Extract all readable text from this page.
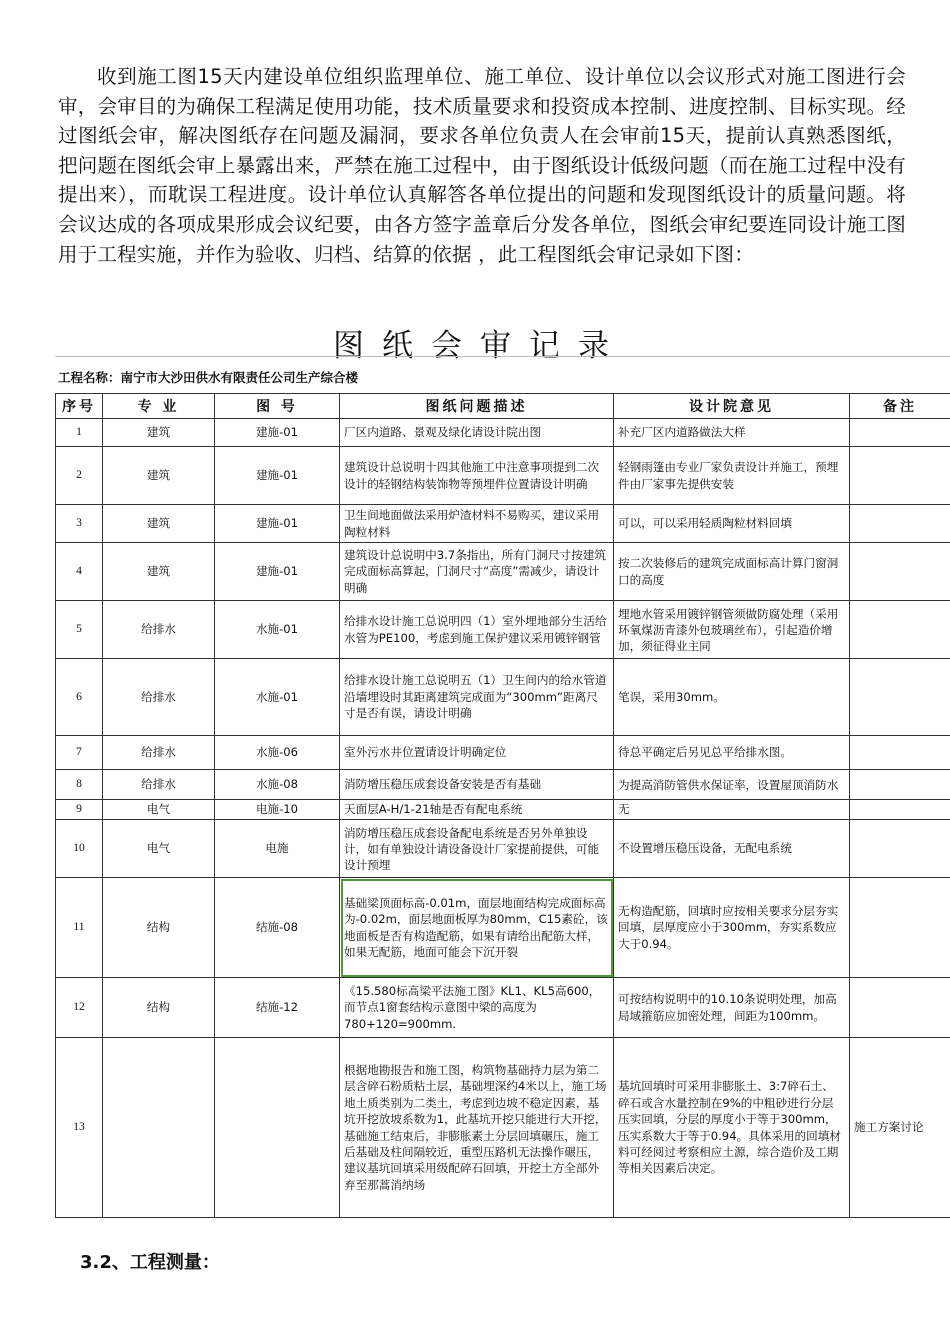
收到施工图15天内建设单位组织监理单位、施工单位、设计单位以会议形式对施工图进行会审，会审目的为确保工程满足使用功能，技术质量要求和投资成本控制、进度控制、目标实现。经过图纸会审，解决图纸存在问题及漏洞，要求各单位负责人在会审前15天，提前认真熟悉图纸，把问题在图纸会审上暴露出来，严禁在施工过程中，由于图纸设计低级问题（而在施工过程中没有提出来），而耽误工程进度。设计单位认真解答各单位提出的问题和发现图纸设计的质量问题。将会议达成的各项成果形成会议纪要，由各方签字盖章后分发各单位，图纸会审纪要连同设计施工图用于工程实施，并作为验收、归档、结算的依据 ，此工程图纸会审记录如下图：

图纸会审记录
工程名称：南宁市大沙田供水有限责任公司生产综合楼
序号	专 业	图 号	图纸问题描述	设计院意见	备注

1	建筑	建施-01	厂区内道路、景观及绿化请设计院出图	补充厂区内道路做法大样	

2	建筑	建施-01	建筑设计总说明十四其他施工中注意事项提到二次设计的轻钢结构装饰物等预埋件位置请设计明确	轻钢雨篷由专业厂家负责设计并施工，预埋件由厂家事先提供安装	

3	建筑	建施-01	卫生间地面做法采用炉渣材料不易购买，建议采用陶粒材料	可以，可以采用轻质陶粒材料回填	

4	建筑	建施-01	建筑设计总说明中3.7条指出，所有门洞尺寸按建筑完成面标高算起，门洞尺寸“高度”需减少，请设计明确	按二次装修后的建筑完成面标高计算门窗洞口的高度	

5	给排水	水施-01	给排水设计施工总说明四（1）室外埋地部分生活给水管为PE100，考虑到施工保护建议采用镀锌钢管	埋地水管采用镀锌钢管须做防腐处理（采用环氧煤沥青漆外包玻璃丝布），引起造价增加，须征得业主同	

6	给排水	水施-01	给排水设计施工总说明五（1）卫生间内的给水管道沿墙埋设时其距离建筑完成面为“300mm”距离尺寸是否有误，请设计明确	笔误，采用30mm。	

7	给排水	水施-06	室外污水井位置请设计明确定位	待总平确定后另见总平给排水图。	

8	给排水	水施-08	消防增压稳压成套设备安装是否有基础	为提高消防管供水保证率，设置屋顶消防水	

9	电气	电施-10	天面层A-H/1-21轴是否有配电系统	无	

10	电气	电施	消防增压稳压成套设备配电系统是否另外单独设计，如有单独设计请设备设计厂家提前提供，可能设计预埋	不设置增压稳压设备，无配电系统	

11	结构	结施-08	基础梁顶面标高-0.01m，面层地面结构完成面标高为-0.02m，面层地面板厚为80mm，C15素砼，该地面板是否有构造配筋，如果有请给出配筋大样，如果无配筋，地面可能会下沉开裂	无构造配筋，回填时应按相关要求分层夯实回填，层厚度应小于300mm，夯实系数应大于0.94。	

12	结构	结施-12	《15.580标高梁平法施工图》KL1、KL5高600，而节点1窗套结构示意图中梁的高度为780+120=900mm.	可按结构说明中的10.10条说明处理，加高局域箍筋应加密处理，间距为100mm。	

13			根据地勘报告和施工图，构筑物基础持力层为第二层含碎石粉质粘土层，基础埋深约4米以上，施工场地土质类别为二类土，考虑到边坡不稳定因素，基坑开挖放坡系数为1，此基坑开挖只能进行大开挖，基础施工结束后，非膨胀素土分层回填碾压，施工后基础及柱间隔较近，重型压路机无法操作碾压，建议基坑回填采用级配碎石回填，开挖土方全部外弃至那蒿消纳场	基坑回填时可采用非膨胀土、3:7碎石土、碎石或含水量控制在9%的中粗砂进行分层压实回填，分层的厚度小于等于300mm，压实系数大于等于0.94。具体采用的回填材料可经阅过考察相应土源，综合造价及工期等相关因素后决定。	施工方案讨论
3.2、工程测量：
